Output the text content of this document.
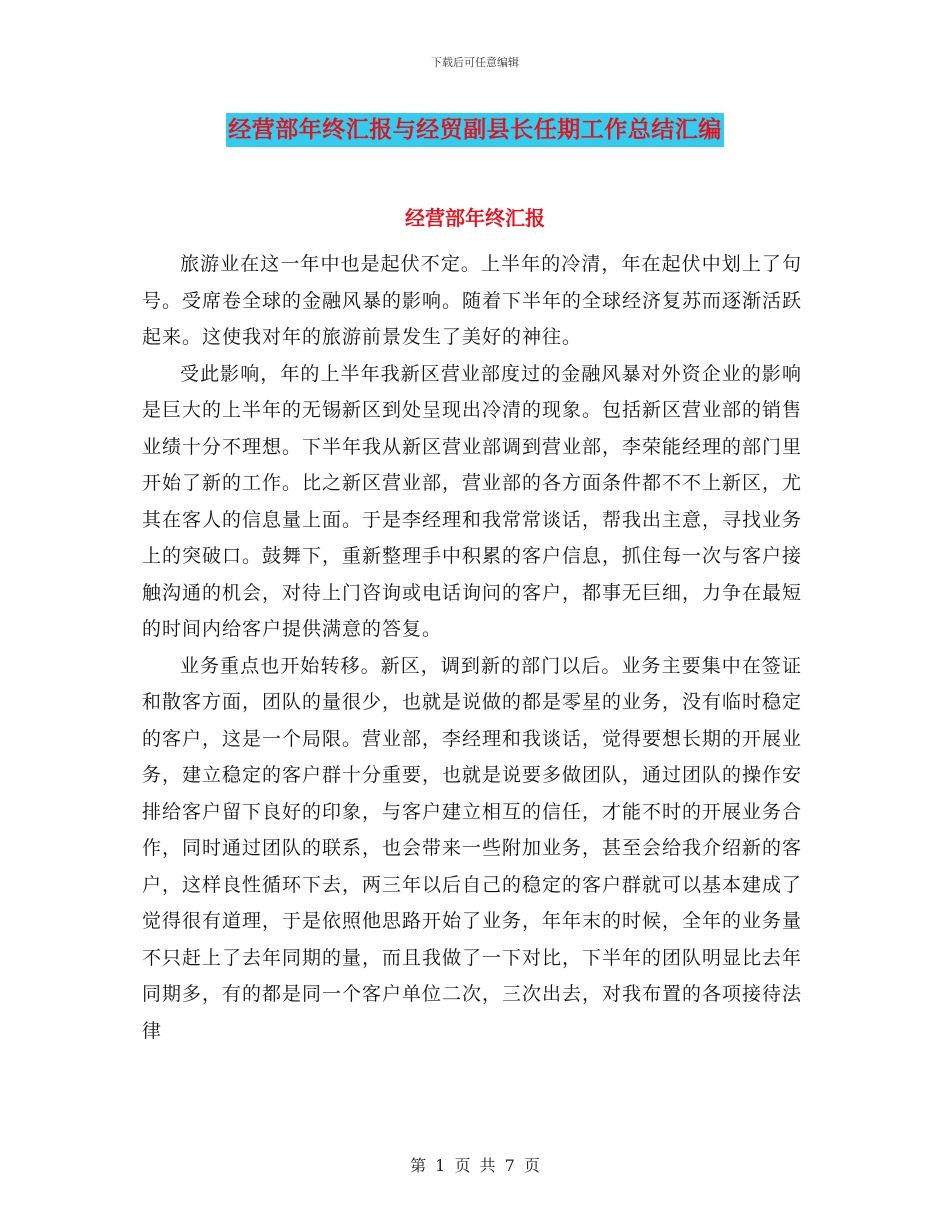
下载后可任意编辑
经营部年终汇报与经贸副县长任期工作总结汇编
经营部年终汇报

旅游业在这一年中也是起伏不定。上半年的冷清，年在起伏中划上了句号。受席卷全球的金融风暴的影响。随着下半年的全球经济复苏而逐渐活跃起来。这使我对年的旅游前景发生了美好的神往。

受此影响，年的上半年我新区营业部度过的金融风暴对外资企业的影响是巨大的上半年的无锡新区到处呈现出冷清的现象。包括新区营业部的销售业绩十分不理想。下半年我从新区营业部调到营业部，李荣能经理的部门里开始了新的工作。比之新区营业部，营业部的各方面条件都不不上新区，尤其在客人的信息量上面。于是李经理和我常常谈话，帮我出主意，寻找业务上的突破口。鼓舞下，重新整理手中积累的客户信息，抓住每一次与客户接触沟通的机会，对待上门咨询或电话询问的客户，都事无巨细，力争在最短的时间内给客户提供满意的答复。

业务重点也开始转移。新区，调到新的部门以后。业务主要集中在签证和散客方面，团队的量很少，也就是说做的都是零星的业务，没有临时稳定的客户，这是一个局限。营业部，李经理和我谈话，觉得要想长期的开展业务，建立稳定的客户群十分重要，也就是说要多做团队，通过团队的操作安排给客户留下良好的印象，与客户建立相互的信任，才能不时的开展业务合作，同时通过团队的联系，也会带来一些附加业务，甚至会给我介绍新的客户，这样良性循环下去，两三年以后自己的稳定的客户群就可以基本建成了觉得很有道理，于是依照他思路开始了业务，年年末的时候，全年的业务量不只赶上了去年同期的量，而且我做了一下对比，下半年的团队明显比去年同期多，有的都是同一个客户单位二次，三次出去，对我布置的各项接待法律

第 1 页 共 7 页
